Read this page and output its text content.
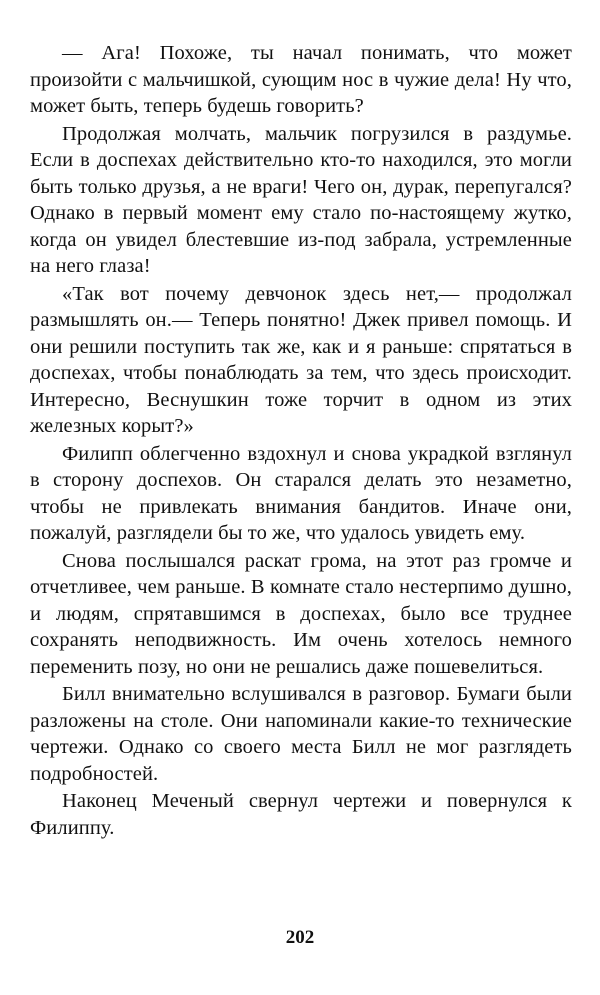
— Ага! Похоже, ты начал понимать, что может произойти с мальчишкой, сующим нос в чужие дела! Ну что, может быть, теперь будешь говорить?

Продолжая молчать, мальчик погрузился в раздумье. Если в доспехах действительно кто-то находился, это могли быть только друзья, а не враги! Чего он, дурак, перепугался? Однако в первый момент ему стало по-настоящему жутко, когда он увидел блестевшие из-под забрала, устремленные на него глаза!

«Так вот почему девчонок здесь нет,— продолжал размышлять он.— Теперь понятно! Джек привел помощь. И они решили поступить так же, как и я раньше: спрятаться в доспехах, чтобы понаблюдать за тем, что здесь происходит. Интересно, Веснушкин тоже торчит в одном из этих железных корыт?»

Филипп облегченно вздохнул и снова украдкой взглянул в сторону доспехов. Он старался делать это незаметно, чтобы не привлекать внимания бандитов. Иначе они, пожалуй, разглядели бы то же, что удалось увидеть ему.

Снова послышался раскат грома, на этот раз громче и отчетливее, чем раньше. В комнате стало нестерпимо душно, и людям, спрятавшимся в доспехах, было все труднее сохранять неподвижность. Им очень хотелось немного переменить позу, но они не решались даже пошевелиться.

Билл внимательно вслушивался в разговор. Бумаги были разложены на столе. Они напоминали какие-то технические чертежи. Однако со своего места Билл не мог разглядеть подробностей.

Наконец Меченый свернул чертежи и повернулся к Филиппу.

202
